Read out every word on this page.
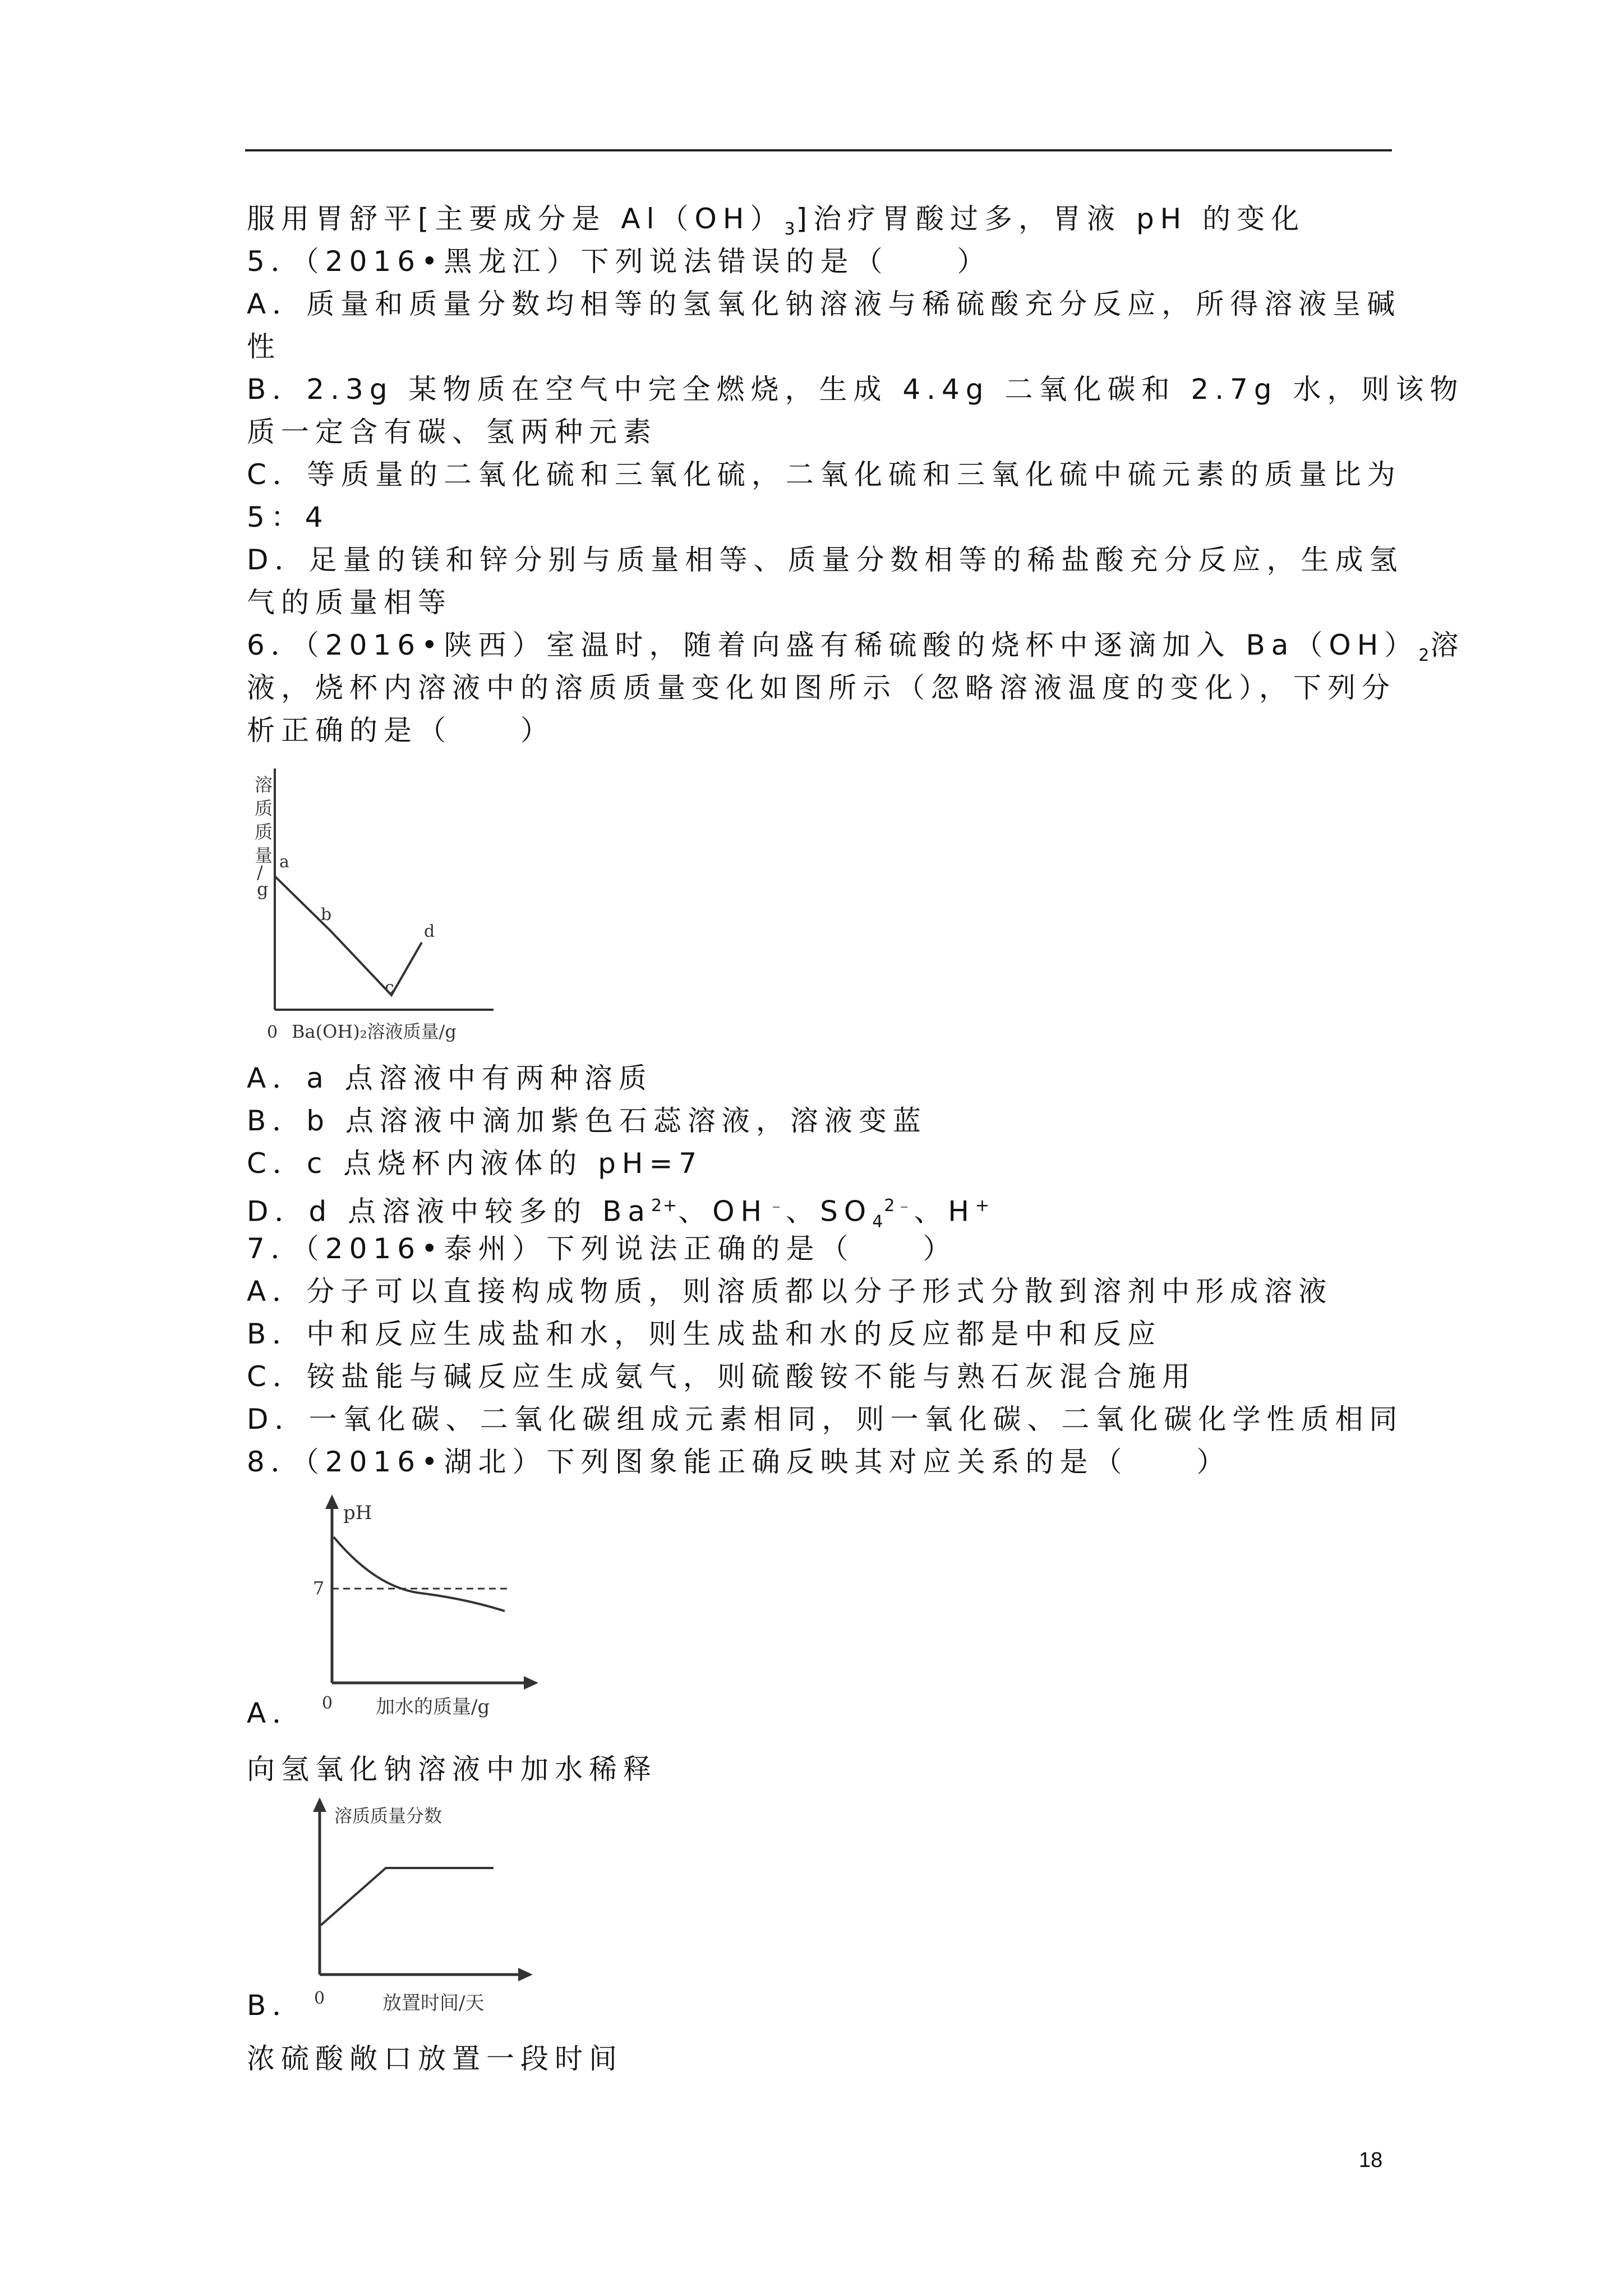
服用胃舒平[主要成分是 $Al(OH)_3$]治疗胃酸过多，胃液 pH 的变化
5．（2016•黑龙江）下列说法错误的是（　　）
A．质量和质量分数均相等的氢氧化钠溶液与稀硫酸充分反应，所得溶液呈碱
性
B．2.3g 某物质在空气中完全燃烧，生成 4.4g 二氧化碳和 2.7g 水，则该物
质一定含有碳、氢两种元素
C．等质量的二氧化硫和三氧化硫，二氧化硫和三氧化硫中硫元素的质量比为
5：4
D．足量的镁和锌分别与质量相等、质量分数相等的稀盐酸充分反应，生成氢
气的质量相等
6．（2016•陕西）室温时，随着向盛有稀硫酸的烧杯中逐滴加入 $Ba(OH)_2$溶
液，烧杯内溶液中的溶质质量变化如图所示（忽略溶液温度的变化），下列分
析正确的是（　　）
溶
质
质
量
/
g
a
b
c
d
0 Ba(OH)₂溶液质量/g
A．a 点溶液中有两种溶质
B．b 点溶液中滴加紫色石蕊溶液，溶液变蓝
C．c 点烧杯内液体的 pH=7
D．d 点溶液中较多的 $Ba^{2+}$、OH﹣、$SO_4^{2﹣}$、H+
7．（2016•泰州）下列说法正确的是（　　）
A．分子可以直接构成物质，则溶质都以分子形式分散到溶剂中形成溶液
B．中和反应生成盐和水，则生成盐和水的反应都是中和反应
C．铵盐能与碱反应生成氨气，则硫酸铵不能与熟石灰混合施用
D．一氧化碳、二氧化碳组成元素相同，则一氧化碳、二氧化碳化学性质相同
8．（2016•湖北）下列图象能正确反映其对应关系的是（　　）
pH
7
0 加水的质量/g
A．
向氢氧化钠溶液中加水稀释
溶质质量分数
0	放置时间/天
B．
浓硫酸敞口放置一段时间
18
